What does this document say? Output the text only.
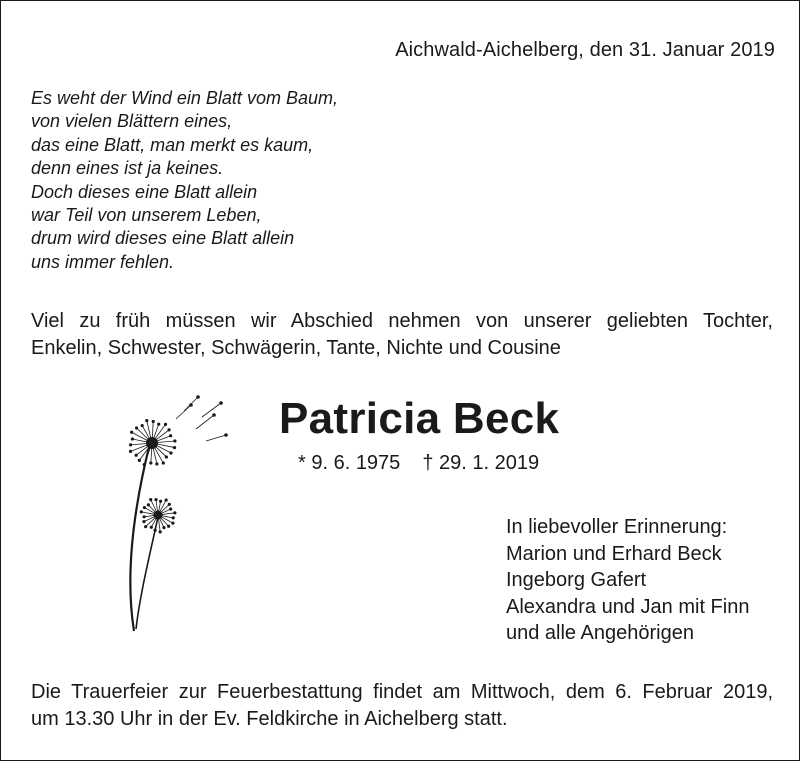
Aichwald-Aichelberg, den 31. Januar 2019
Es weht der Wind ein Blatt vom Baum,
von vielen Blättern eines,
das eine Blatt, man merkt es kaum,
denn eines ist ja keines.
Doch dieses eine Blatt allein
war Teil von unserem Leben,
drum wird dieses eine Blatt allein
uns immer fehlen.
Viel zu früh müssen wir Abschied nehmen von unserer geliebten Tochter,
Enkelin, Schwester, Schwägerin, Tante, Nichte und Cousine
Patricia Beck
* 9. 6. 1975 † 29. 1. 2019
In liebevoller Erinnerung:
Marion und Erhard Beck
Ingeborg Gafert
Alexandra und Jan mit Finn
und alle Angehörigen
Die Trauerfeier zur Feuerbestattung findet am Mittwoch, dem 6. Februar 2019,
um 13.30 Uhr in der Ev. Feldkirche in Aichelberg statt.
